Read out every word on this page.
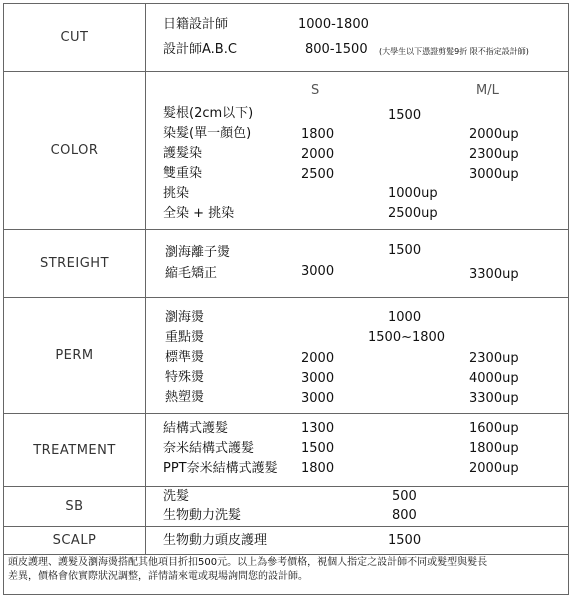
CUT
日籍設計師	1000-1800
設計師A.B.C	800-1500 (大學生以下憑證剪髮9折 限不指定設計師)
COLOR
S	M/L
髮根(2cm以下)	1500
染髮(單一顏色)	1800	2000up
護髮染	2000	2300up
雙重染	2500	3000up
挑染	1000up
全染 + 挑染	2500up
STREIGHT
瀏海離子燙	1500
縮毛矯正	3000	3300up
PERM
瀏海燙	1000
重點燙	1500~1800
標準燙	2000	2300up
特殊燙	3000	4000up
熱塑燙	3000	3300up
TREATMENT
結構式護髮	1300	1600up
奈米結構式護髮	1500	1800up
PPT奈米結構式護髮 1800	2000up
SB
洗髮	500
生物動力洗髮	800
SCALP	生物動力頭皮護理	1500
頭皮護理、護髮及瀏海燙搭配其他項目折扣500元。以上為參考價格，視個人指定之設計師不同或髮型與髮長
差異，價格會依實際狀況調整，詳情請來電或現場詢問您的設計師。
